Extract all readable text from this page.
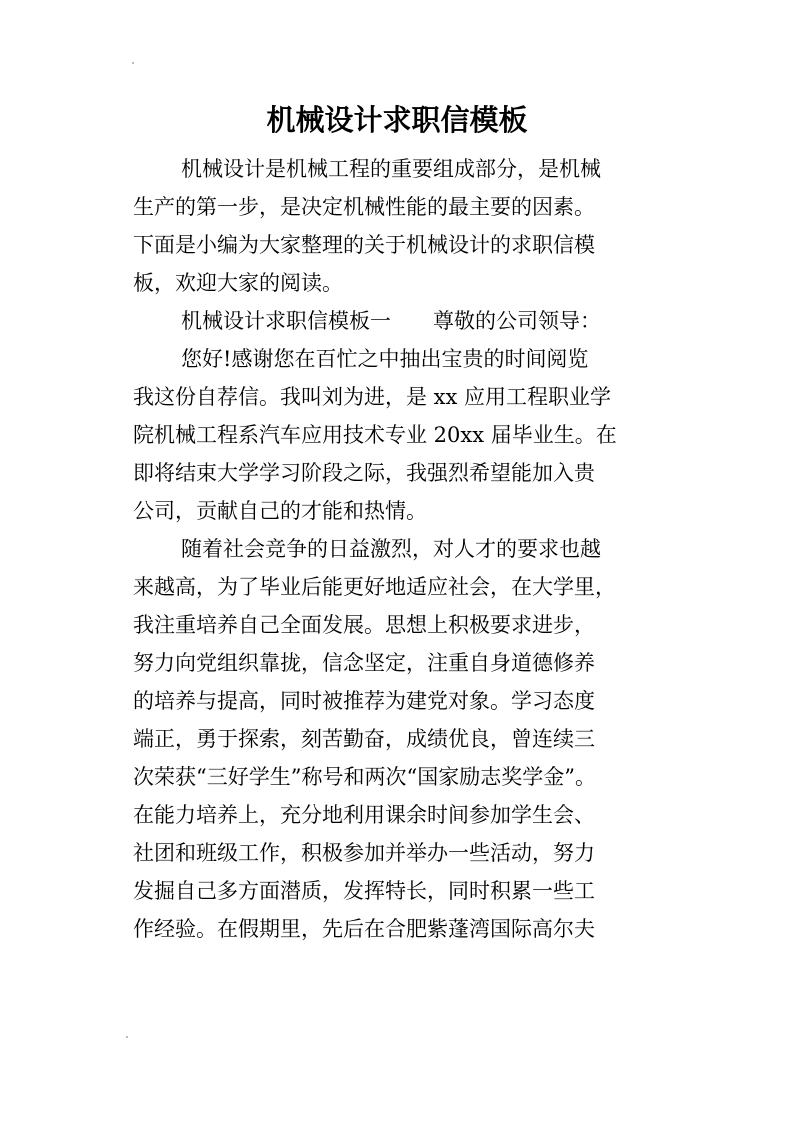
机械设计求职信模板
机械设计是机械工程的重要组成部分，是机械
生产的第一步，是决定机械性能的最主要的因素。
下面是小编为大家整理的关于机械设计的求职信模
板，欢迎大家的阅读。
机械设计求职信模板一 尊敬的公司领导：
您好!感谢您在百忙之中抽出宝贵的时间阅览
我这份自荐信。我叫刘为进，是 xx 应用工程职业学
院机械工程系汽车应用技术专业 20xx 届毕业生。在
即将结束大学学习阶段之际，我强烈希望能加入贵
公司，贡献自己的才能和热情。
随着社会竞争的日益激烈，对人才的要求也越
来越高，为了毕业后能更好地适应社会，在大学里，
我注重培养自己全面发展。思想上积极要求进步，
努力向党组织靠拢，信念坚定，注重自身道德修养
的培养与提高，同时被推荐为建党对象。学习态度
端正，勇于探索，刻苦勤奋，成绩优良，曾连续三
次荣获“三好学生”称号和两次“国家励志奖学金”。
在能力培养上，充分地利用课余时间参加学生会、
社团和班级工作，积极参加并举办一些活动，努力
发掘自己多方面潜质，发挥特长，同时积累一些工
作经验。在假期里，先后在合肥紫蓬湾国际高尔夫
